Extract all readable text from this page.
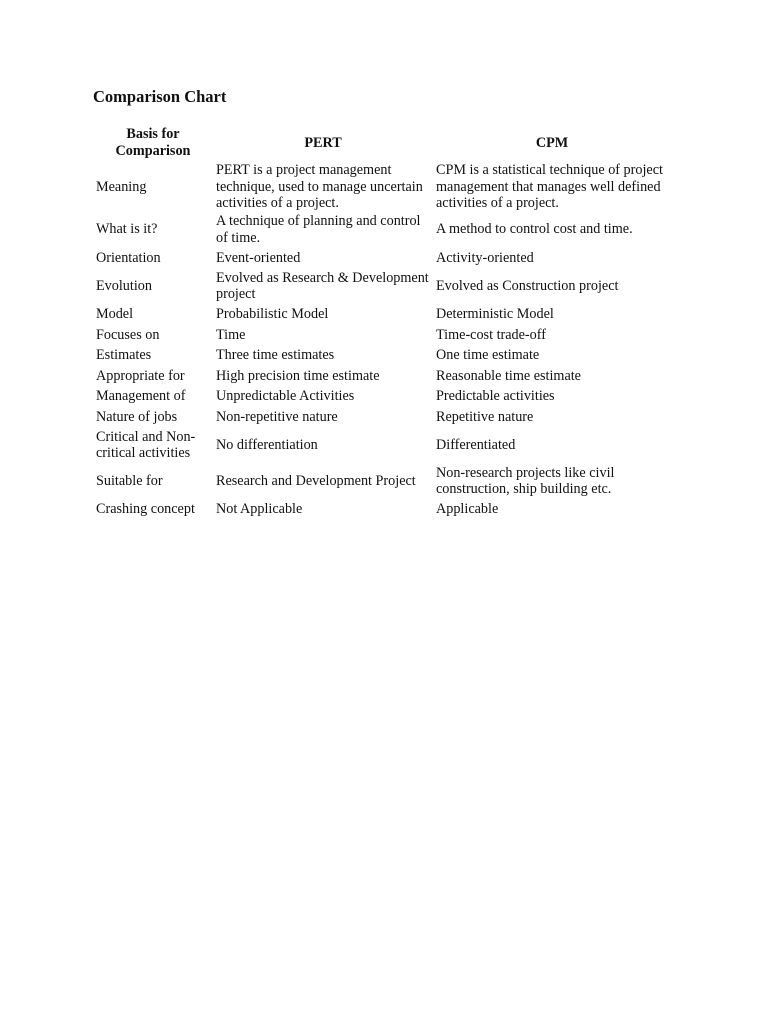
Comparison Chart
Basis for Comparison	PERT	CPM
Meaning	PERT is a project management technique, used to manage uncertain activities of a project.	CPM is a statistical technique of project management that manages well defined activities of a project.
What is it?	A technique of planning and control of time.	A method to control cost and time.
Orientation	Event-oriented	Activity-oriented
Evolution	Evolved as Research & Development project	Evolved as Construction project
Model	Probabilistic Model	Deterministic Model
Focuses on	Time	Time-cost trade-off
Estimates	Three time estimates	One time estimate
Appropriate for	High precision time estimate	Reasonable time estimate
Management of	Unpredictable Activities	Predictable activities
Nature of jobs	Non-repetitive nature	Repetitive nature
Critical and Non-critical activities	No differentiation	Differentiated
Suitable for	Research and Development Project	Non-research projects like civil construction, ship building etc.
Crashing concept	Not Applicable	Applicable
